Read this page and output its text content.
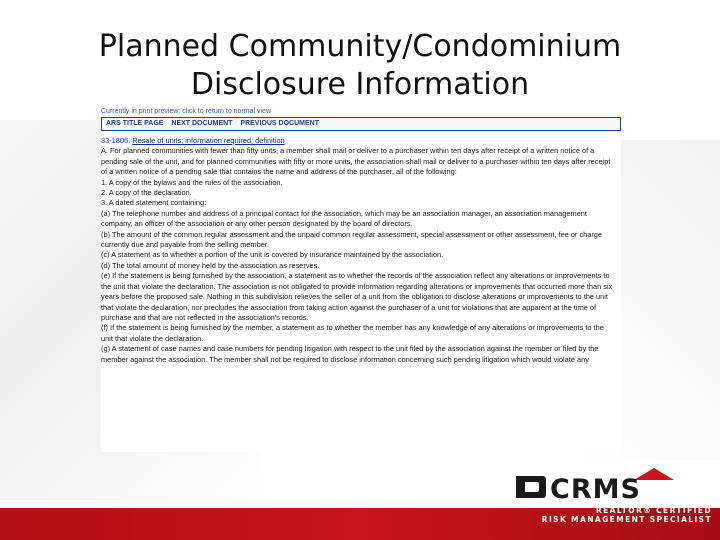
Planned Community/Condominium
Disclosure Information
Currently in print preview: click to return to normal view
ARS TITLE PAGE NEXT DOCUMENT PREVIOUS DOCUMENT

33-1806. Resale of units; information required; definition

A. For planned communities with fewer than fifty units, a member shall mail or deliver to a purchaser within ten days after receipt of a written notice of a pending sale of the unit, and for planned communities with fifty or more units, the association shall mail or deliver to a purchaser within ten days after receipt of a written notice of a pending sale that contains the name and address of the purchaser, all of the following:

1. A copy of the bylaws and the rules of the association.

2. A copy of the declaration.

3. A dated statement containing:

(a) The telephone number and address of a principal contact for the association, which may be an association manager, an association management company, an officer of the association or any other person designated by the board of directors.

(b) The amount of the common regular assessment and the unpaid common regular assessment, special assessment or other assessment, fee or charge currently due and payable from the selling member.

(c) A statement as to whether a portion of the unit is covered by insurance maintained by the association.

(d) The total amount of money held by the association as reserves.

(e) If the statement is being furnished by the association, a statement as to whether the records of the association reflect any alterations or improvements to the unit that violate the declaration. The association is not obligated to provide information regarding alterations or improvements that occurred more than six years before the proposed sale. Nothing in this subdivision relieves the seller of a unit from the obligation to disclose alterations or improvements to the unit that violate the declaration, nor precludes the association from taking action against the purchaser of a unit for violations that are apparent at the time of purchase and that are not reflected in the association's records.

(f) If the statement is being furnished by the member, a statement as to whether the member has any knowledge of any alterations or improvements to the unit that violate the declaration.

(g) A statement of case names and case numbers for pending litigation with respect to the unit filed by the association against the member or filed by the member against the association. The member shall not be required to disclose information concerning such pending litigation which would violate any

CRMS
REALTOR® CERTIFIED
RISK MANAGEMENT SPECIALIST
